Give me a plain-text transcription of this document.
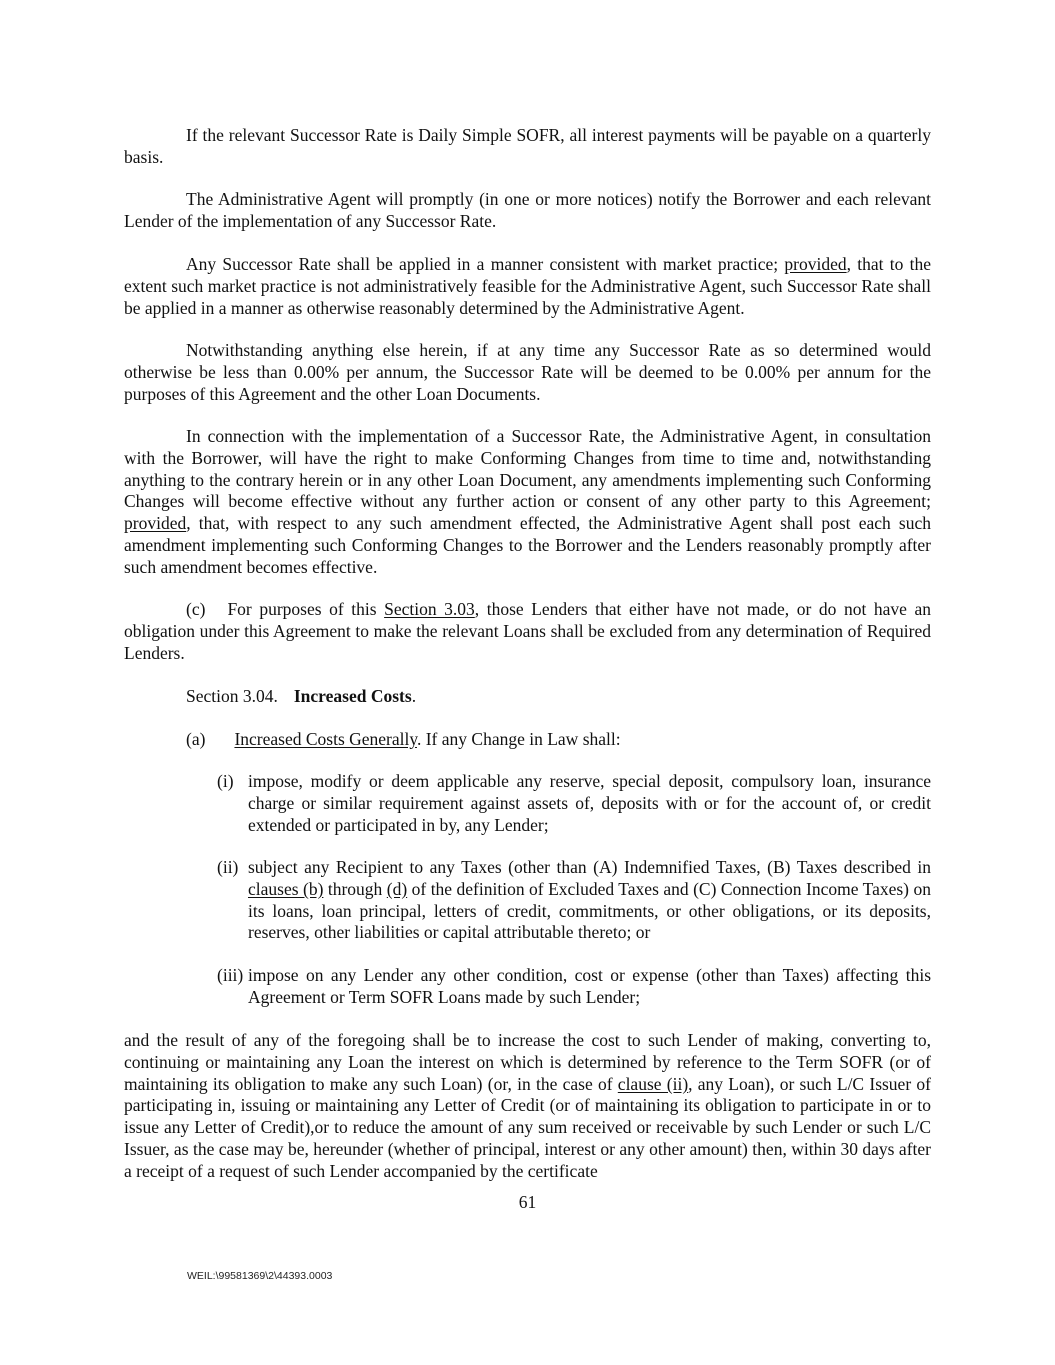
If the relevant Successor Rate is Daily Simple SOFR, all interest payments will be payable on a quarterly basis.
The Administrative Agent will promptly (in one or more notices) notify the Borrower and each relevant Lender of the implementation of any Successor Rate.
Any Successor Rate shall be applied in a manner consistent with market practice; provided, that to the extent such market practice is not administratively feasible for the Administrative Agent, such Successor Rate shall be applied in a manner as otherwise reasonably determined by the Administrative Agent.
Notwithstanding anything else herein, if at any time any Successor Rate as so determined would otherwise be less than 0.00% per annum, the Successor Rate will be deemed to be 0.00% per annum for the purposes of this Agreement and the other Loan Documents.
In connection with the implementation of a Successor Rate, the Administrative Agent, in consultation with the Borrower, will have the right to make Conforming Changes from time to time and, notwithstanding anything to the contrary herein or in any other Loan Document, any amendments implementing such Conforming Changes will become effective without any further action or consent of any other party to this Agreement; provided, that, with respect to any such amendment effected, the Administrative Agent shall post each such amendment implementing such Conforming Changes to the Borrower and the Lenders reasonably promptly after such amendment becomes effective.
(c) For purposes of this Section 3.03, those Lenders that either have not made, or do not have an obligation under this Agreement to make the relevant Loans shall be excluded from any determination of Required Lenders.
Section 3.04. Increased Costs.
(a) Increased Costs Generally. If any Change in Law shall:
(i) impose, modify or deem applicable any reserve, special deposit, compulsory loan, insurance charge or similar requirement against assets of, deposits with or for the account of, or credit extended or participated in by, any Lender;
(ii) subject any Recipient to any Taxes (other than (A) Indemnified Taxes, (B) Taxes described in clauses (b) through (d) of the definition of Excluded Taxes and (C) Connection Income Taxes) on its loans, loan principal, letters of credit, commitments, or other obligations, or its deposits, reserves, other liabilities or capital attributable thereto; or
(iii) impose on any Lender any other condition, cost or expense (other than Taxes) affecting this Agreement or Term SOFR Loans made by such Lender;
and the result of any of the foregoing shall be to increase the cost to such Lender of making, converting to, continuing or maintaining any Loan the interest on which is determined by reference to the Term SOFR (or of maintaining its obligation to make any such Loan) (or, in the case of clause (ii), any Loan), or such L/C Issuer of participating in, issuing or maintaining any Letter of Credit (or of maintaining its obligation to participate in or to issue any Letter of Credit),or to reduce the amount of any sum received or receivable by such Lender or such L/C Issuer, as the case may be, hereunder (whether of principal, interest or any other amount) then, within 30 days after a receipt of a request of such Lender accompanied by the certificate
61
WEIL:\99581369\2\44393.0003
